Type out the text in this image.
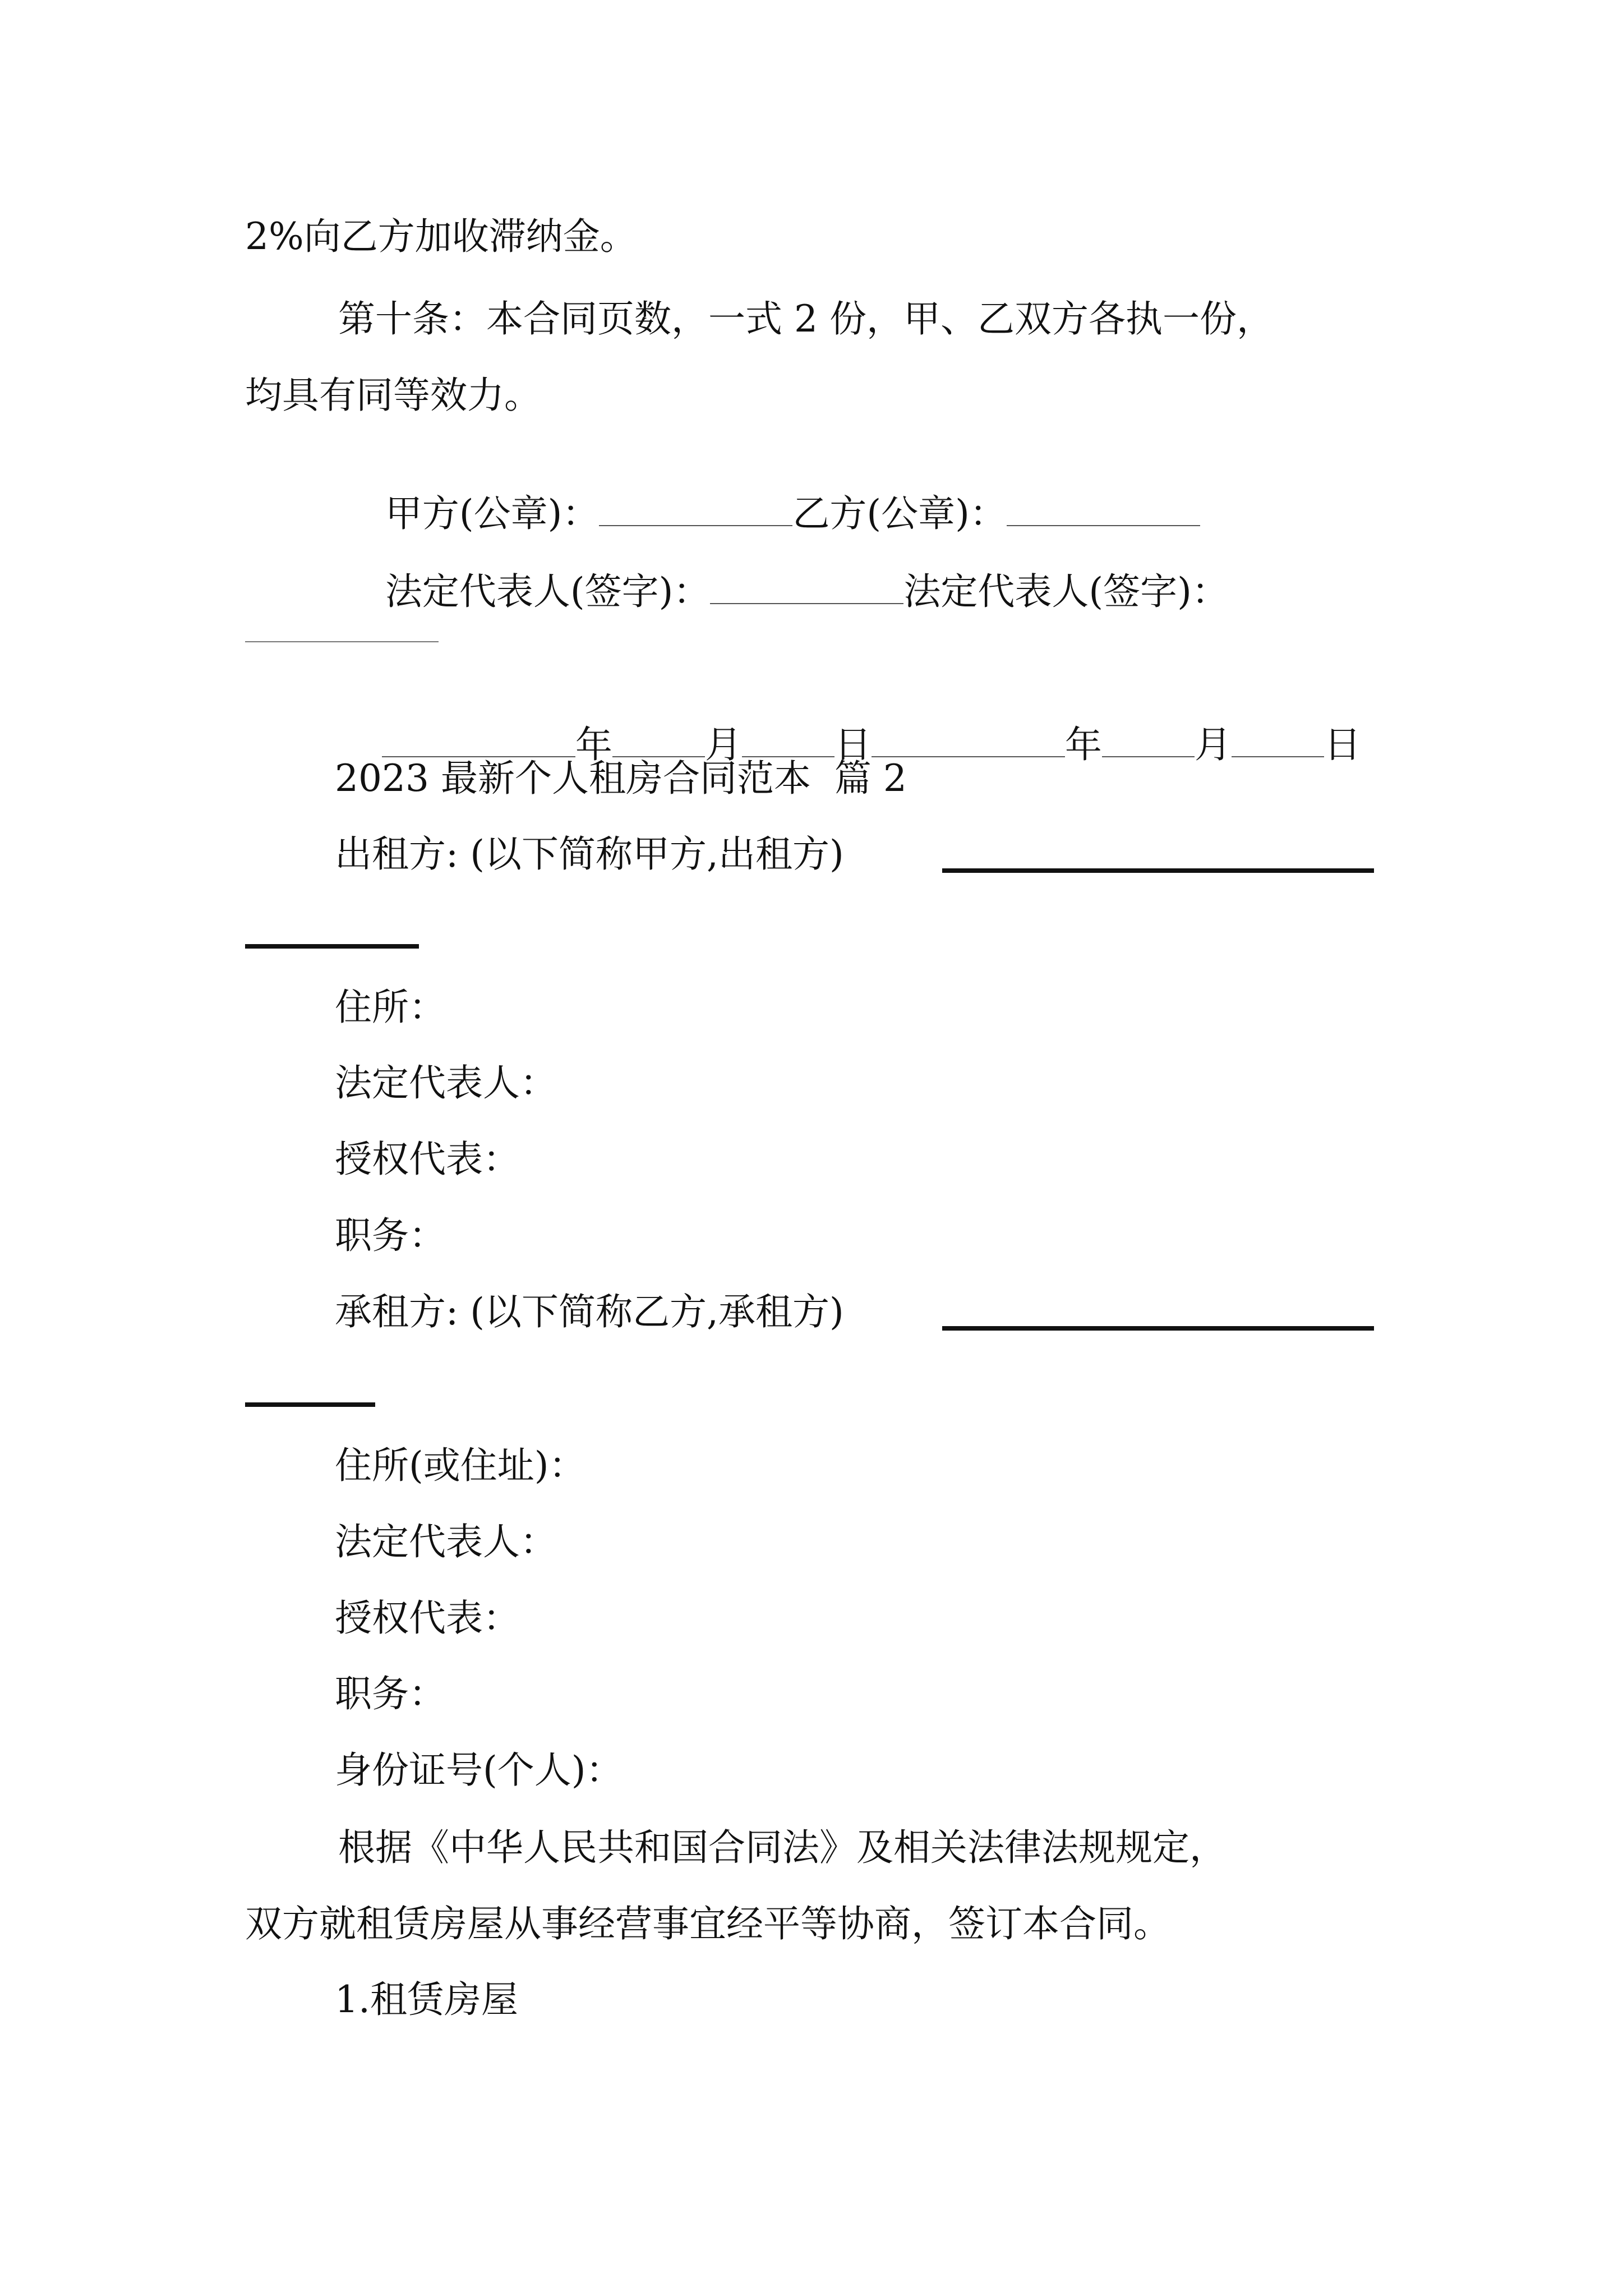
2%向乙方加收滞纳金。
第十条：本合同页数，一式 2 份，甲、乙双方各执一份，
均具有同等效力。

甲方(公章)：	乙方(公章)：

法定代表人(签字)：	法定代表人(签字)：

年	月	日	年	月	日

2023 最新个人租房合同范本  篇 2
出租方: (以下简称甲方,出租方)
住所：
法定代表人：
授权代表：
职务：
承租方: (以下简称乙方,承租方)
住所(或住址)：
法定代表人：
授权代表：
职务：
身份证号(个人)：
根据《中华人民共和国合同法》及相关法律法规规定，
双方就租赁房屋从事经营事宜经平等协商，签订本合同。
1.租赁房屋
